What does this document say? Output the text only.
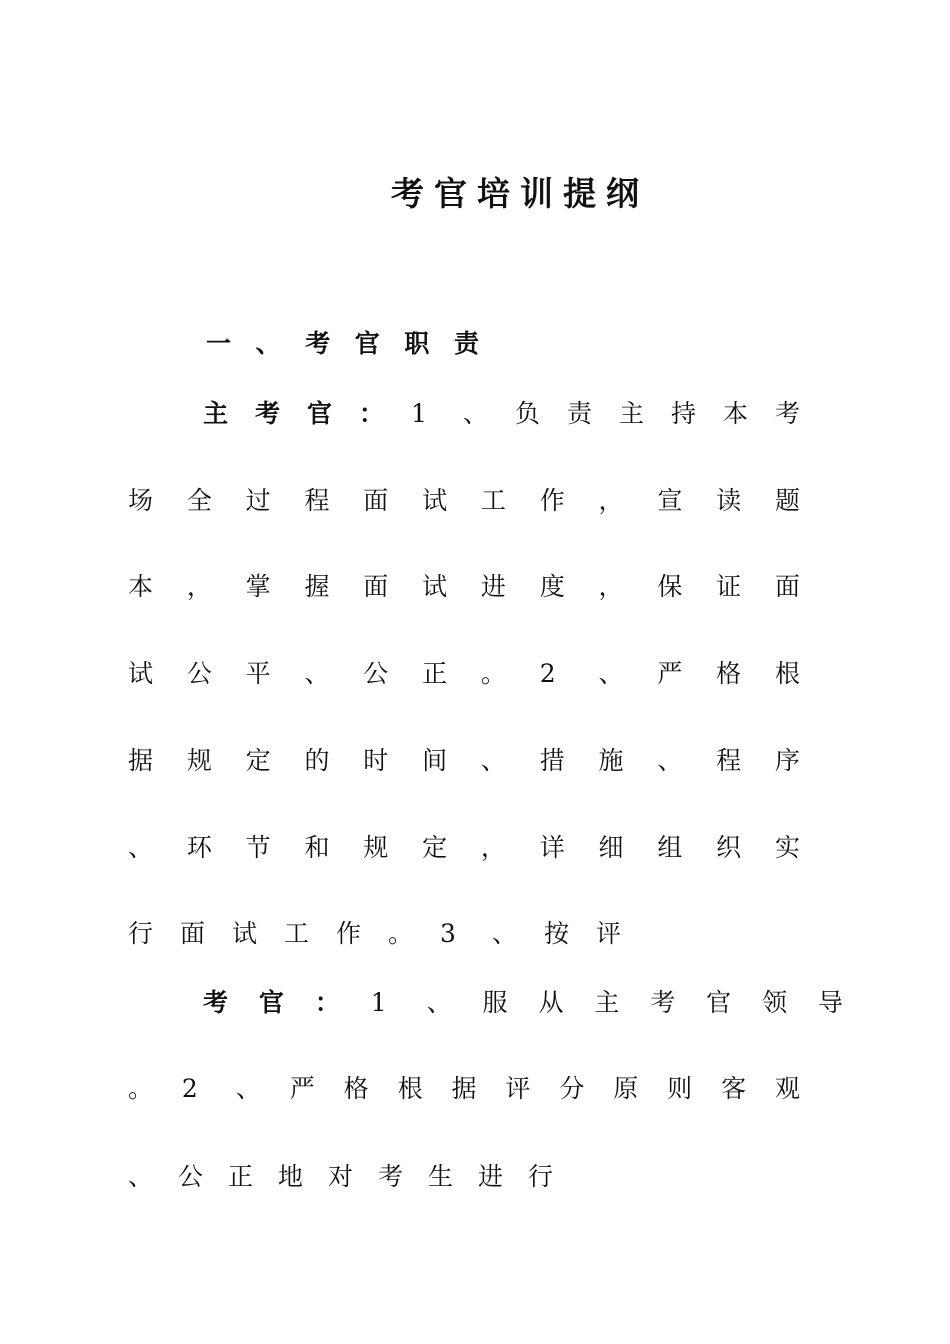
考官培训提纲
一 、 考 官 职 责
主 考 官 ： 1 、 负 责 主 持 本 考
场 全 过 程 面 试 工 作 ， 宣 读 题
本 ， 掌 握 面 试 进 度 ， 保 证 面
试 公 平 、 公 正 。 2 、 严 格 根
据 规 定 的 时 间 、 措 施 、 程 序
、 环 节 和 规 定 ， 详 细 组 织 实
行 面 试 工 作 。 3 、 按 评
考 官 ： 1 、 服 从 主 考 官 领 导
。 2 、 严 格 根 据 评 分 原 则 客 观
、 公 正 地 对 考 生 进 行
